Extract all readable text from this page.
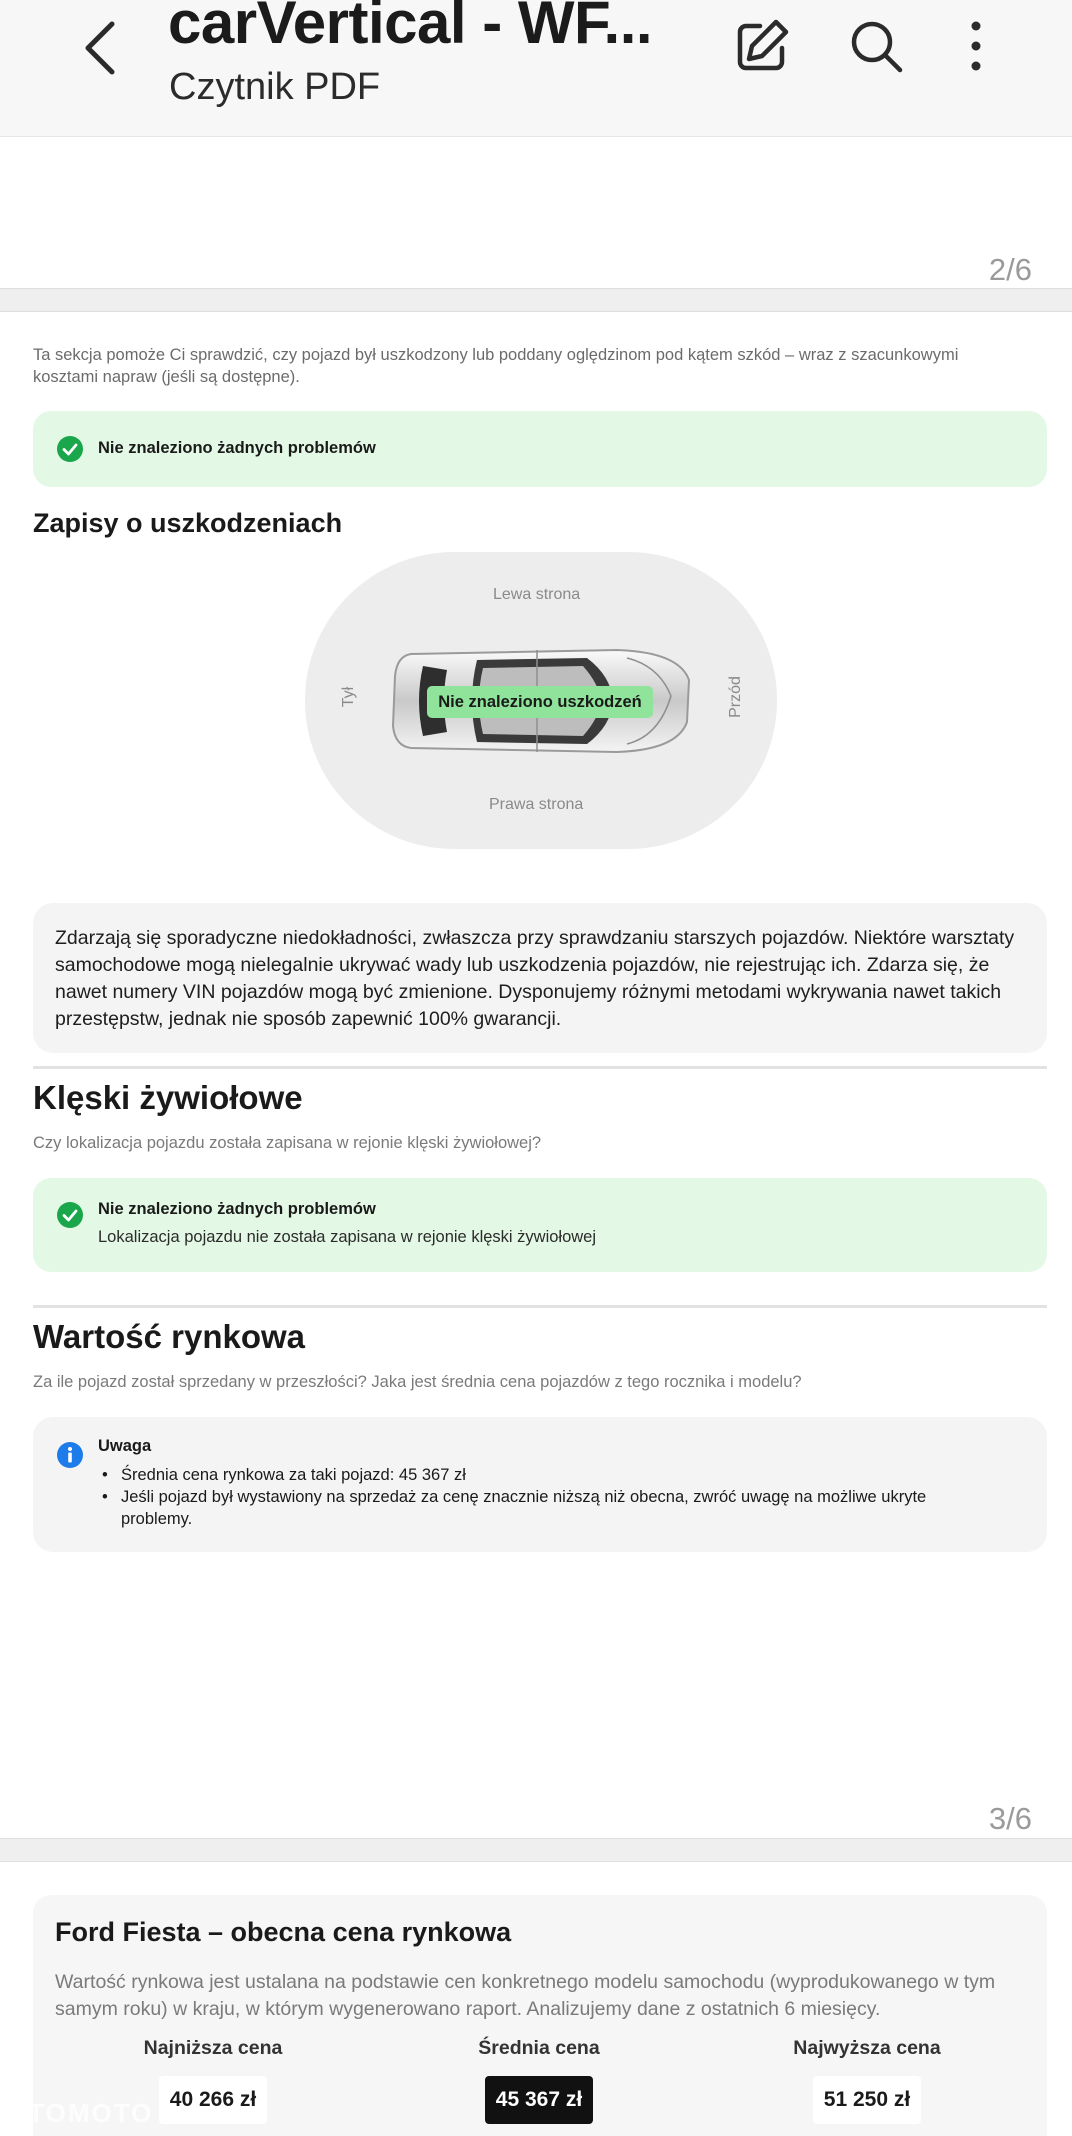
carVertical - WF...
Czytnik PDF
2/6
Ta sekcja pomoże Ci sprawdzić, czy pojazd był uszkodzony lub poddany oględzinom pod kątem szkód – wraz z szacunkowymi kosztami napraw (jeśli są dostępne).
Nie znaleziono żadnych problemów
Zapisy o uszkodzeniach
Lewa strona
Prawa strona
Tył	Przód
Nie znaleziono uszkodzeń
Zdarzają się sporadyczne niedokładności, zwłaszcza przy sprawdzaniu starszych pojazdów. Niektóre warsztaty samochodowe mogą nielegalnie ukrywać wady lub uszkodzenia pojazdów, nie rejestrując ich. Zdarza się, że nawet numery VIN pojazdów mogą być zmienione. Dysponujemy różnymi metodami wykrywania nawet takich przestępstw, jednak nie sposób zapewnić 100% gwarancji.
Klęski żywiołowe
Czy lokalizacja pojazdu została zapisana w rejonie klęski żywiołowej?
Nie znaleziono żadnych problemów
Lokalizacja pojazdu nie została zapisana w rejonie klęski żywiołowej
Wartość rynkowa
Za ile pojazd został sprzedany w przeszłości? Jaka jest średnia cena pojazdów z tego rocznika i modelu?
Uwaga
• Średnia cena rynkowa za taki pojazd: 45 367 zł
• Jeśli pojazd był wystawiony na sprzedaż za cenę znacznie niższą niż obecna, zwróć uwagę na możliwe ukryte problemy.
3/6
Ford Fiesta – obecna cena rynkowa
Wartość rynkowa jest ustalana na podstawie cen konkretnego modelu samochodu (wyprodukowanego w tym samym roku) w kraju, w którym wygenerowano raport. Analizujemy dane z ostatnich 6 miesięcy.
Najniższa cena
40 266 zł
Średnia cena
45 367 zł
Najwyższa cena
51 250 zł
OTOMOTO
